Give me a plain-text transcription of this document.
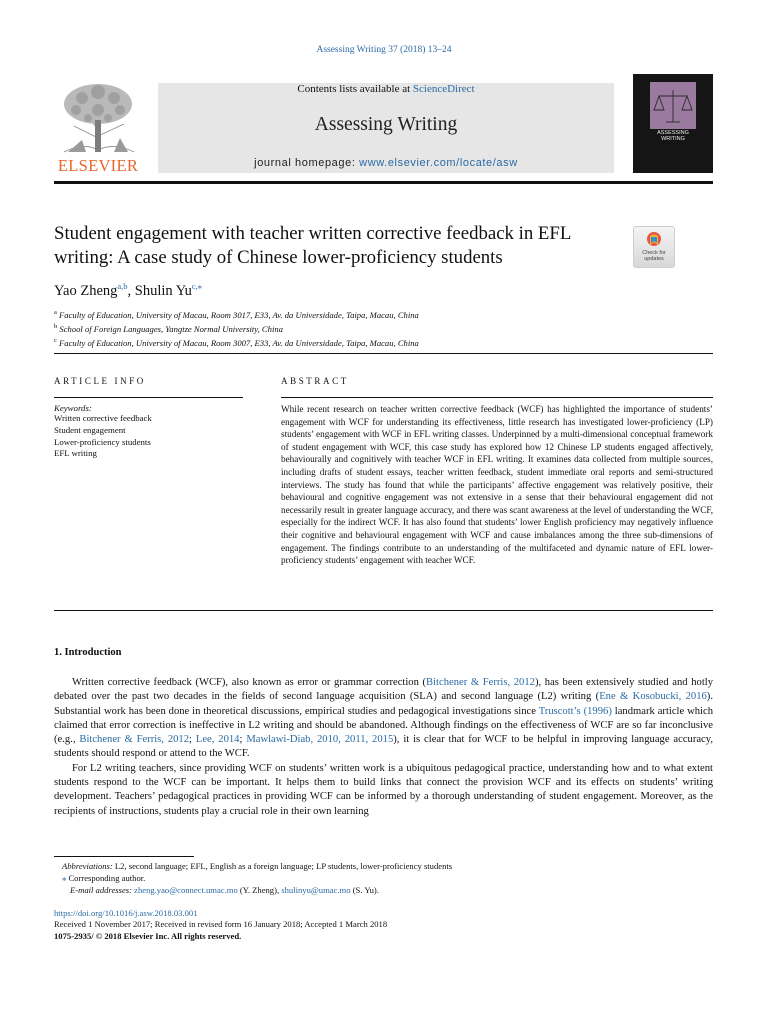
Assessing Writing 37 (2018) 13–24
ELSEVIER
Contents lists available at ScienceDirect
Assessing Writing
journal homepage: www.elsevier.com/locate/asw
ASSESSING
WRITING
Student engagement with teacher written corrective feedback in EFL writing: A case study of Chinese lower-proficiency students	Check for updates
Yao Zheng$^{a,b}$, Shulin $Yu^{c,⁎}$
$^a$ Faculty of Education, University of Macau, Room 3017, E33, Av. da Universidade, Taipa, Macau, China
$^b$ School of Foreign Languages, Yangtze Normal University, China
$^c$ Faculty of Education, University of Macau, Room 3007, E33, Av. da Universidade, Taipa, Macau, China
ARTICLE INFO
Keywords:
Written corrective feedback
Student engagement
Lower-proficiency students
EFL writing
ABSTRACT
While recent research on teacher written corrective feedback (WCF) has highlighted the importance of students’ engagement with WCF for understanding its effectiveness, little research has investigated lower-proficiency (LP) students’ engagement with WCF in EFL writing classes. Underpinned by a multi-dimensional conceptual framework of student engagement with WCF, this case study has explored how 12 Chinese LP students engaged affectively, behaviourally and cognitively with teacher WCF in EFL writing. It examines data collected from multiple sources, including drafts of student essays, teacher written feedback, student immediate oral reports and semi-structured interviews. The study has found that while the participants’ affective engagement was relatively positive, their behavioural and cognitive engagement was not extensive in a sense that their behavioural engagement did not necessarily result in greater language accuracy, and there was scant awareness at the level of understanding the WCF, especially for the indirect WCF. It has also found that students’ lower English proficiency may negatively influence their cognitive and behavioural engagement with WCF and cause imbalances among the three sub-dimensions of engagement. The findings contribute to an understanding of the multifaceted and dynamic nature of EFL lower-proficiency students’ engagement with teacher WCF.
1. Introduction

Written corrective feedback (WCF), also known as error or grammar correction (Bitchener & Ferris, 2012), has been extensively studied and hotly debated over the past two decades in the fields of second language acquisition (SLA) and second language (L2) writing (Ene & Kosobucki, 2016). Substantial work has been done in theoretical discussions, empirical studies and pedagogical investigations since Truscott’s (1996) landmark article which claimed that error correction is ineffective in L2 writing and should be abandoned. Although findings on the effectiveness of WCF are so far inconclusive (e.g., Bitchener & Ferris, 2012; Lee, 2014; Mawlawi-Diab, 2010, 2011, 2015), it is clear that for WCF to be helpful in improving language accuracy, students should respond or attend to the WCF.

For L2 writing teachers, since providing WCF on students’ written work is a ubiquitous pedagogical practice, understanding how and to what extent students respond to the WCF can be important. It helps them to build links that connect the provision WCF and its effects on students’ writing development. Teachers’ pedagogical practices in providing WCF can be informed by a thorough understanding of student engagement. Moreover, as the recipients of instructions, students play a crucial role in their own learning

Abbreviations: L2, second language; EFL, English as a foreign language; LP students, lower-proficiency students
⁎ Corresponding author.
E-mail addresses: zheng.yao@connect.umac.mo (Y. Zheng), shulinyu@umac.mo (S. Yu).
https://doi.org/10.1016/j.asw.2018.03.001
Received 1 November 2017; Received in revised form 16 January 2018; Accepted 1 March 2018
1075-2935/ © 2018 Elsevier Inc. All rights reserved.
